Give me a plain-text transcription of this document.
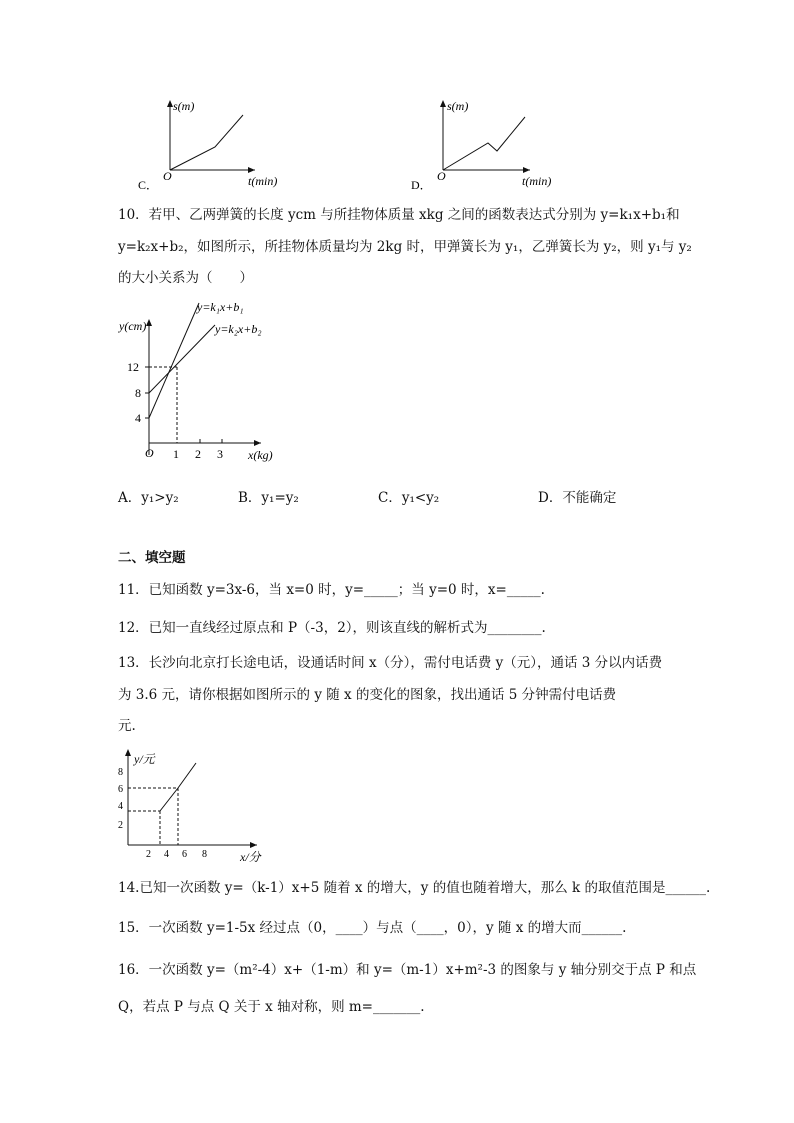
s(m)
O	t(min)
C．
s(m)
O	t(min)
D．
10．若甲、乙两弹簧的长度 ycm 与所挂物体质量 xkg 之间的函数表达式分别为 y=k₁x+b₁和
y=k₂x+b₂，如图所示，所挂物体质量均为 2kg 时，甲弹簧长为 y₁，乙弹簧长为 y₂，则 y₁与 y₂
的大小关系为（　　）
y(cm)
y=k₁x+b₁
y=k₂x+b₂
12
8
4
O 1 2 3 x(kg)
A．y₁>y₂	B．y₁=y₂	C．y₁<y₂	D．不能确定
二、填空题
11．已知函数 y=3x-6，当 x=0 时，y=_____；当 y=0 时，x=_____.
12．已知一直线经过原点和 P（-3，2），则该直线的解析式为________.
13．长沙向北京打长途电话，设通话时间 x（分），需付电话费 y（元），通话 3 分以内话费
为 3.6 元，请你根据如图所示的 y 随 x 的变化的图象，找出通话 5 分钟需付电话费
元.
y/元
8
6
4
2
2 4 6 8	x/分
14.已知一次函数 y=（k-1）x+5 随着 x 的增大，y 的值也随着增大，那么 k 的取值范围是______.
15．一次函数 y=1-5x 经过点（0，____）与点（____，0），y 随 x 的增大而______.
16．一次函数 y=（m²-4）x+（1-m）和 y=（m-1）x+m²-3 的图象与 y 轴分别交于点 P 和点
Q，若点 P 与点 Q 关于 x 轴对称，则 m=_______.
